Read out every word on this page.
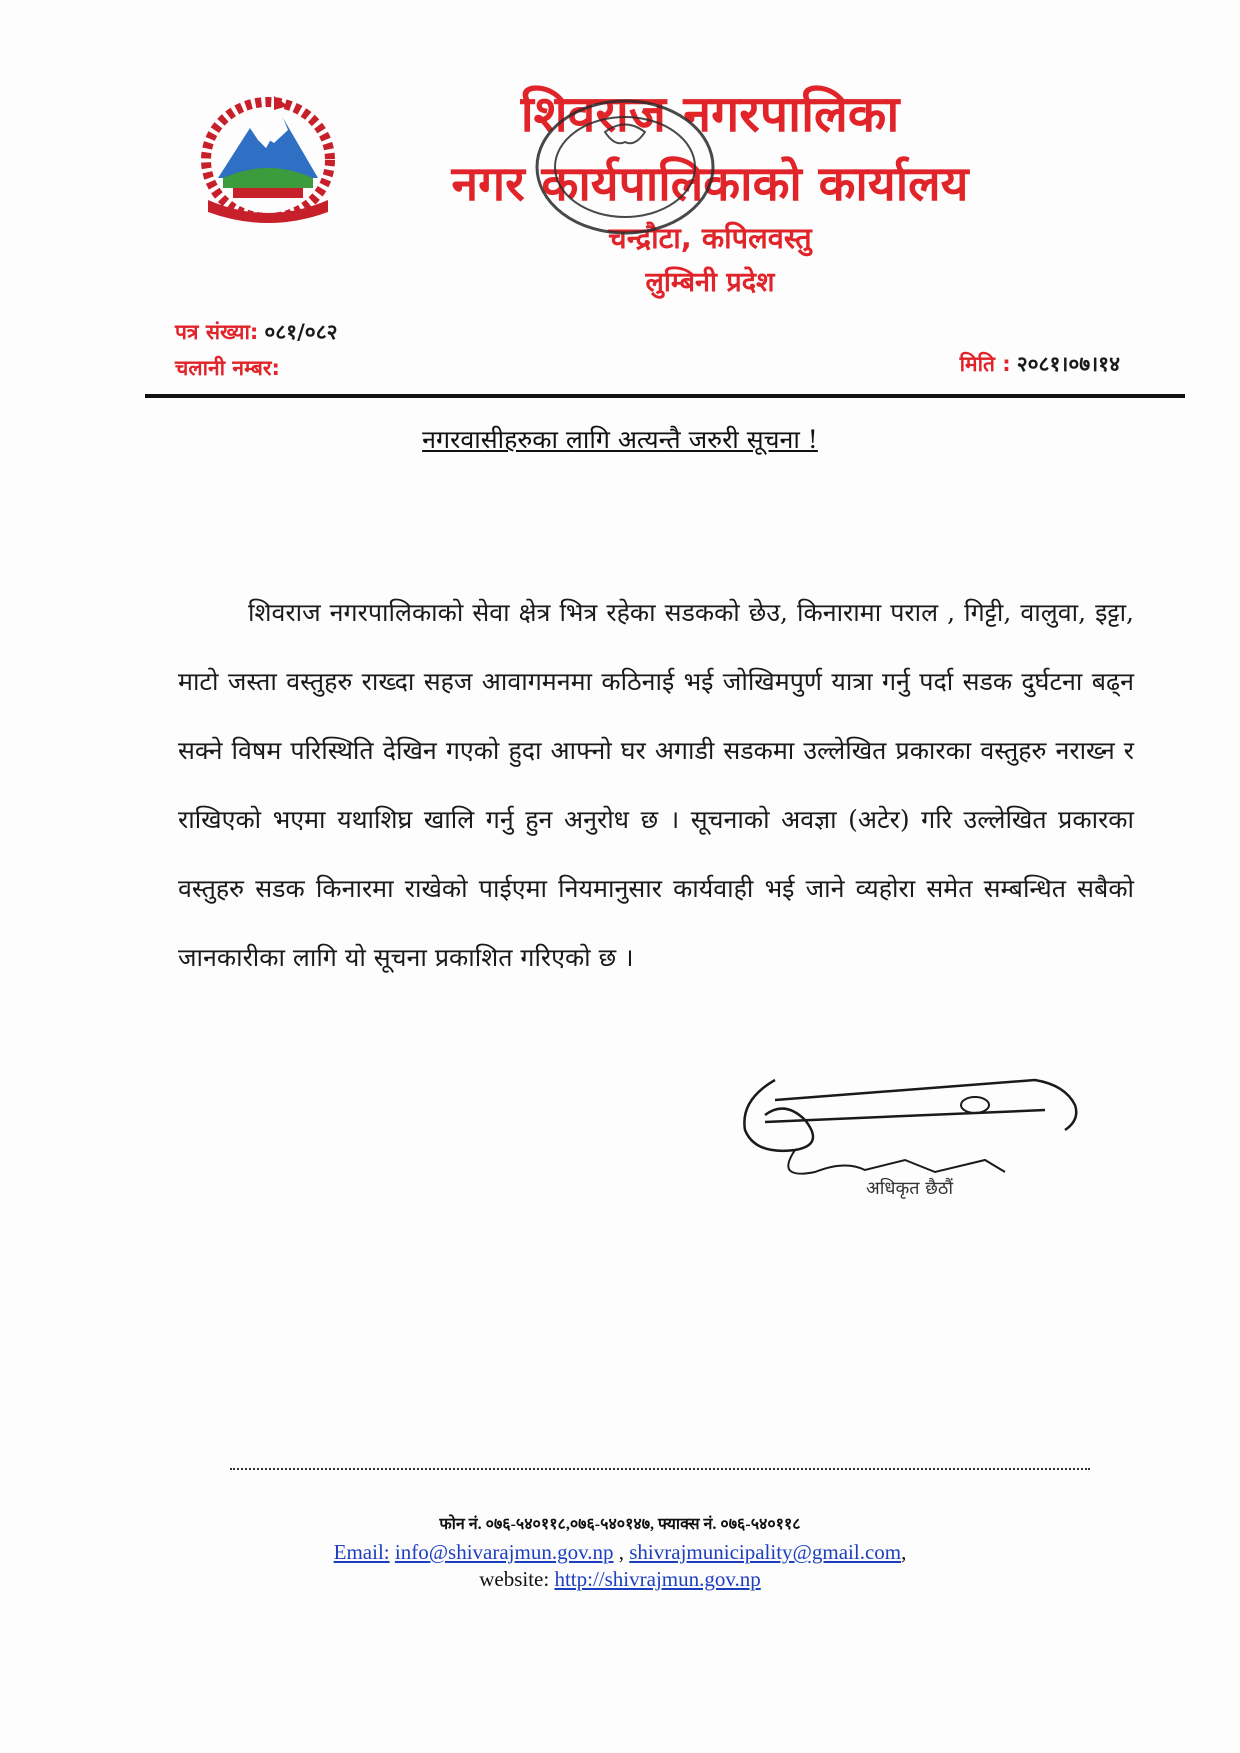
शिवराज नगरपालिका
नगर कार्यपालिकाको कार्यालय
चन्द्रौटा, कपिलवस्तु
लुम्बिनी प्रदेश
पत्र संख्या: ०८१/०८२
चलानी नम्बर:	मिति : २०८१।०७।१४
नगरवासीहरुका लागि अत्यन्तै जरुरी सूचना !
शिवराज नगरपालिकाको सेवा क्षेत्र भित्र रहेका सडकको छेउ, किनारामा पराल , गिट्टी, वालुवा, इट्टा, माटो जस्ता वस्तुहरु राख्दा सहज आवागमनमा कठिनाई भई जोखिमपुर्ण यात्रा गर्नु पर्दा सडक दुर्घटना बढ्न सक्ने विषम परिस्थिति देखिन गएको हुदा आफ्नो घर अगाडी सडकमा उल्लेखित प्रकारका वस्तुहरु नराख्न र राखिएको भएमा यथाशिघ्र खालि गर्नु हुन अनुरोध छ । सूचनाको अवज्ञा (अटेर) गरि उल्लेखित प्रकारका वस्तुहरु सडक किनारमा राखेको पाईएमा नियमानुसार कार्यवाही भई जाने व्यहोरा समेत सम्बन्धित सबैको जानकारीका लागि यो सूचना प्रकाशित गरिएको छ ।
अधिकृत छैठौं
फोन नं. ०७६-५४०११८,०७६-५४०१४७, फ्याक्स नं. ०७६-५४०११८
Email: info@shivarajmun.gov.np , shivrajmunicipality@gmail.com,
website: http://shivrajmun.gov.np
